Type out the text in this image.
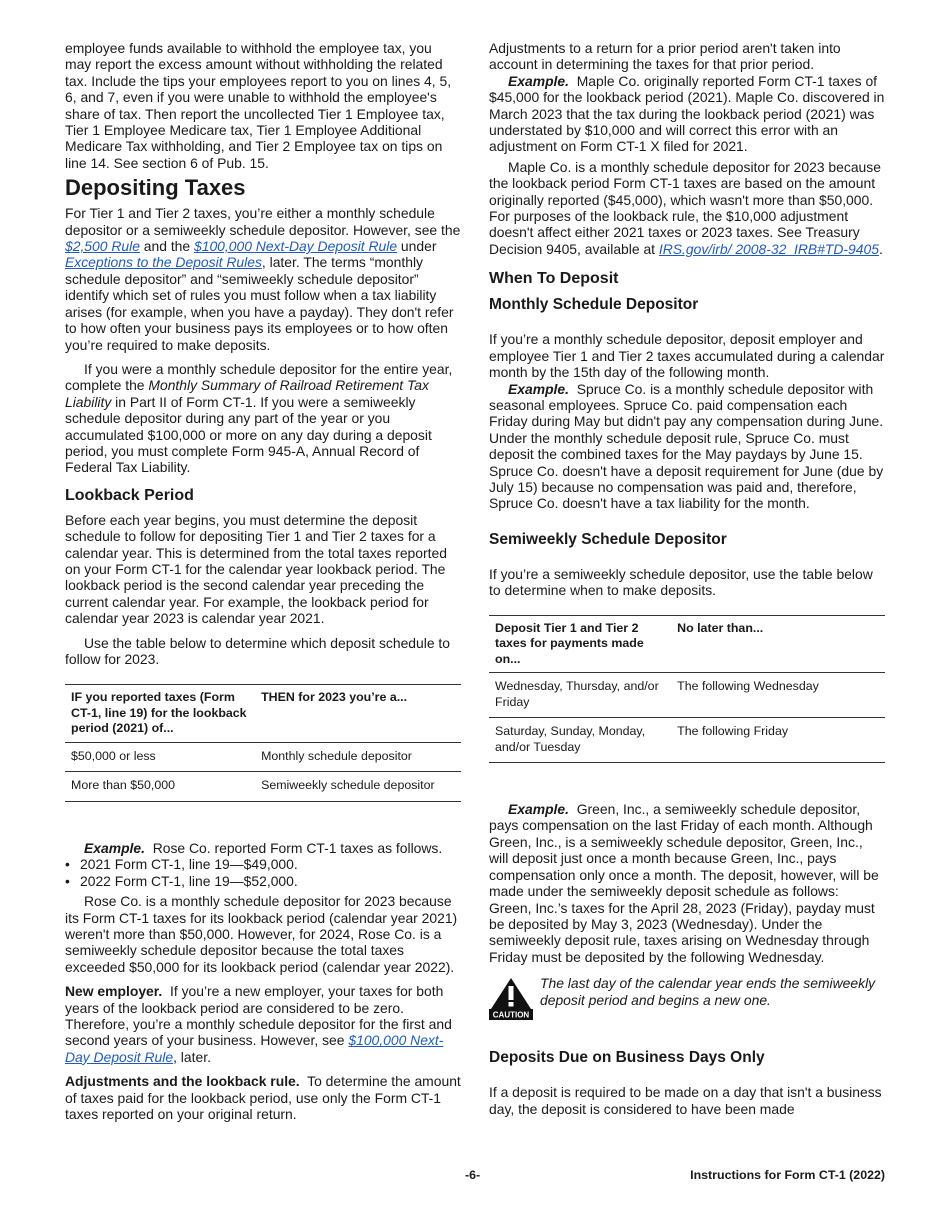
employee funds available to withhold the employee tax, you may report the excess amount without withholding the related tax. Include the tips your employees report to you on lines 4, 5, 6, and 7, even if you were unable to withhold the employee's share of tax. Then report the uncollected Tier 1 Employee tax, Tier 1 Employee Medicare tax, Tier 1 Employee Additional Medicare Tax withholding, and Tier 2 Employee tax on tips on line 14. See section 6 of Pub. 15.

Depositing Taxes

For Tier 1 and Tier 2 taxes, you’re either a monthly schedule depositor or a semiweekly schedule depositor. However, see the $2,500 Rule and the $100,000 Next-Day Deposit Rule under Exceptions to the Deposit Rules, later. The terms “monthly schedule depositor” and “semiweekly schedule depositor” identify which set of rules you must follow when a tax liability arises (for example, when you have a payday). They don't refer to how often your business pays its employees or to how often you’re required to make deposits.

If you were a monthly schedule depositor for the entire year, complete the Monthly Summary of Railroad Retirement Tax Liability in Part II of Form CT-1. If you were a semiweekly schedule depositor during any part of the year or you accumulated $100,000 or more on any day during a deposit period, you must complete Form 945-A, Annual Record of Federal Tax Liability.

Lookback Period

Before each year begins, you must determine the deposit schedule to follow for depositing Tier 1 and Tier 2 taxes for a calendar year. This is determined from the total taxes reported on your Form CT-1 for the calendar year lookback period. The lookback period is the second calendar year preceding the current calendar year. For example, the lookback period for calendar year 2023 is calendar year 2021.

Use the table below to determine which deposit schedule to follow for 2023.

IF you reported taxes (Form CT-1, line 19) for the lookback period (2021) of...	THEN for 2023 you’re a...
$50,000 or less	Monthly schedule depositor
More than $50,000	Semiweekly schedule depositor

Example. Rose Co. reported Form CT-1 taxes as follows.

• 2021 Form CT-1, line 19—$49,000.
• 2022 Form CT-1, line 19—$52,000.

Rose Co. is a monthly schedule depositor for 2023 because its Form CT-1 taxes for its lookback period (calendar year 2021) weren't more than $50,000. However, for 2024, Rose Co. is a semiweekly schedule depositor because the total taxes exceeded $50,000 for its lookback period (calendar year 2022).

New employer. If you’re a new employer, your taxes for both years of the lookback period are considered to be zero. Therefore, you’re a monthly schedule depositor for the first and second years of your business. However, see $100,000 Next-Day Deposit Rule, later.

Adjustments and the lookback rule. To determine the amount of taxes paid for the lookback period, use only the Form CT-1 taxes reported on your original return.

Adjustments to a return for a prior period aren't taken into account in determining the taxes for that prior period.

Example. Maple Co. originally reported Form CT-1 taxes of $45,000 for the lookback period (2021). Maple Co. discovered in March 2023 that the tax during the lookback period (2021) was understated by $10,000 and will correct this error with an adjustment on Form CT-1 X filed for 2021.

Maple Co. is a monthly schedule depositor for 2023 because the lookback period Form CT-1 taxes are based on the amount originally reported ($45,000), which wasn't more than $50,000. For purposes of the lookback rule, the $10,000 adjustment doesn't affect either 2021 taxes or 2023 taxes. See Treasury Decision 9405, available at IRS.gov/irb/ 2008-32_IRB#TD-9405.

When To Deposit
Monthly Schedule Depositor

If you’re a monthly schedule depositor, deposit employer and employee Tier 1 and Tier 2 taxes accumulated during a calendar month by the 15th day of the following month.

Example. Spruce Co. is a monthly schedule depositor with seasonal employees. Spruce Co. paid compensation each Friday during May but didn't pay any compensation during June. Under the monthly schedule deposit rule, Spruce Co. must deposit the combined taxes for the May paydays by June 15. Spruce Co. doesn't have a deposit requirement for June (due by July 15) because no compensation was paid and, therefore, Spruce Co. doesn't have a tax liability for the month.

Semiweekly Schedule Depositor

If you’re a semiweekly schedule depositor, use the table below to determine when to make deposits.

Deposit Tier 1 and Tier 2 taxes for payments made on...	No later than...
Wednesday, Thursday, and/or Friday	The following Wednesday
Saturday, Sunday, Monday, and/or Tuesday	The following Friday

Example. Green, Inc., a semiweekly schedule depositor, pays compensation on the last Friday of each month. Although Green, Inc., is a semiweekly schedule depositor, Green, Inc., will deposit just once a month because Green, Inc., pays compensation only once a month. The deposit, however, will be made under the semiweekly deposit schedule as follows: Green, Inc.’s taxes for the April 28, 2023 (Friday), payday must be deposited by May 3, 2023 (Wednesday). Under the semiweekly deposit rule, taxes arising on Wednesday through Friday must be deposited by the following Wednesday.

CAUTION

The last day of the calendar year ends the semiweekly deposit period and begins a new one.

Deposits Due on Business Days Only

If a deposit is required to be made on a day that isn't a business day, the deposit is considered to have been made

-6-	Instructions for Form CT-1 (2022)
